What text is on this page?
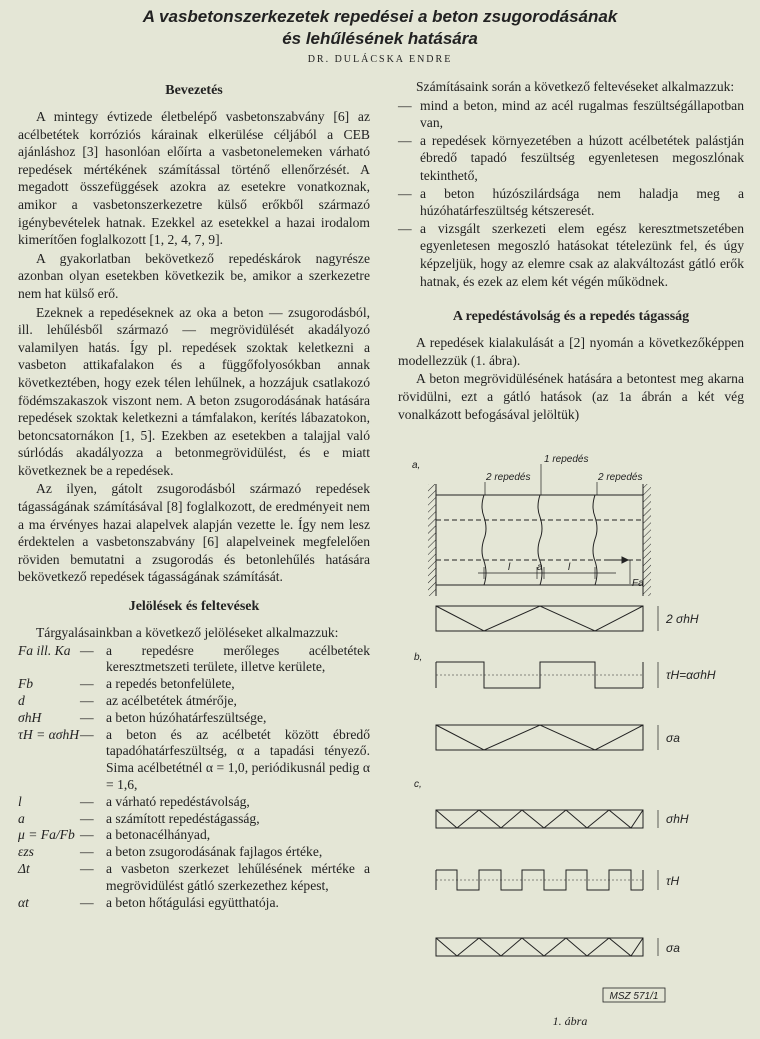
A vasbetonszerkezetek repedései a beton zsugorodásának
és lehűlésének hatására
DR. DULÁCSKA ENDRE
Bevezetés

A mintegy évtizede életbelépő vasbetonszabvány [6] az acélbetétek korróziós kárainak elkerülése céljából a CEB ajánláshoz [3] hasonlóan előírta a vasbetonelemeken várható repedések mértékének számítással történő ellenőrzését. A megadott összefüggések azokra az esetekre vonatkoznak, amikor a vasbetonszerkezetre külső erőkből származó igénybevételek hatnak. Ezekkel az esetekkel a hazai irodalom kimerítően foglalkozott [1, 2, 4, 7, 9].

A gyakorlatban bekövetkező repedéskárok nagyrésze azonban olyan esetekben következik be, amikor a szerkezetre nem hat külső erő.

Ezeknek a repedéseknek az oka a beton — zsugorodásból, ill. lehűlésből származó — megrövidülését akadályozó valamilyen hatás. Így pl. repedések szoktak keletkezni a vasbeton attikafalakon és a függőfolyosókban annak következtében, hogy ezek télen lehűlnek, a hozzájuk csatlakozó födémszakaszok viszont nem. A beton zsugorodásának hatására repedések szoktak keletkezni a támfalakon, kerítés lábazatokon, betoncsatornákon [1, 5]. Ezekben az esetekben a talajjal való súrlódás akadályozza a betonmegrövidülést, és e miatt következnek be a repedések.

Az ilyen, gátolt zsugorodásból származó repedések tágasságának számításával [8] foglalkozott, de eredményeit nem a ma érvényes hazai alapelvek alapján vezette le. Így nem lesz érdektelen a vasbetonszabvány [6] alapelveinek megfelelően röviden bemutatni a zsugorodás és betonlehűlés hatására bekövetkező repedések tágasságának számítását.

Jelölések és feltevések

Tárgyalásainkban a következő jelöléseket alkalmazzuk:

Fa ill. Ka	—	a repedésre merőleges acélbetétek keresztmetszeti területe, illetve kerülete,
Fb	—	a repedés betonfelülete,
d	—	az acélbetétek átmérője,
σhH	—	a beton húzóhatárfeszültsége,
τH = ασhH	—	a beton és az acélbetét között ébredő tapadóhatárfeszültség, α a tapadási tényező. Sima acélbetétnél α = 1,0, periódikusnál pedig α = 1,6,
l	—	a várható repedéstávolság,
a	—	a számított repedéstágasság,
μ = Fa/Fb	—	a betonacélhányad,
εzs	—	a beton zsugorodásának fajlagos értéke,
Δt	—	a vasbeton szerkezet lehűlésének mértéke a megrövidülést gátló szerkezethez képest,
αt	—	a beton hőtágulási együtthatója.

Számításaink során a következő feltevéseket alkalmazzuk:

— mind a beton, mind az acél rugalmas feszültségállapotban van,
— a repedések környezetében a húzott acélbetétek palástján ébredő tapadó feszültség egyenletesen megoszlónak tekinthető,
— a beton húzószilárdsága nem haladja meg a húzóhatárfeszültség kétszeresét.
— a vizsgált szerkezeti elem egész keresztmetszetében egyenletesen megoszló hatásokat tételezünk fel, és úgy képzeljük, hogy az elemre csak az alakváltozást gátló erők hatnak, és ezek az elem két végén működnek.
A repedéstávolság és a repedés tágasság

A repedések kialakulását a [2] nyomán a következőképpen modellezzük (1. ábra).

A beton megrövidülésének hatására a betontest meg akarna rövidülni, ezt a gátló hatások (az 1a ábrán a két vég vonalkázott befogásával jelöltük)

a,
1 repedés
2 repedés	2 repedés
l	a	l
Fa
2 σhH
b,
τH=ασhH
σa
c,
σhH
τH
σa
MSZ 571/1
1. ábra
